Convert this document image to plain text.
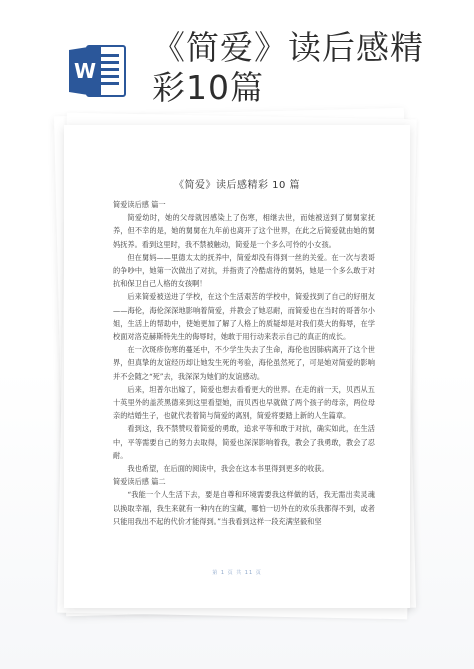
W
《简爱》读后感精
彩10篇
《简爱》读后感精彩 10 篇

简爱读后感 篇一

简爱幼时，她的父母就因感染上了伤寒，相继去世，而她被送到了舅舅家抚养，但不幸的是，她的舅舅在九年前也离开了这个世界，在此之后简爱就由她的舅妈抚养。看到这里时，我不禁被触动，简爱是一个多么可怜的小女孩。

但在舅妈——里德太太的抚养中，简爱却没有得到一丝的关爱。在一次与表哥的争吵中，她第一次做出了对抗，并指责了冷酷虐待的舅妈，她是一个多么敢于对抗和保卫自己人格的女孩啊！

后来简爱被送进了学校，在这个生活艰苦的学校中，简爱找到了自己的好朋友——海伦，海伦深深地影响着简爱，并教会了她忍耐，而简爱也在当时的哥普尔小姐，生活上的帮助中，使她更加了解了人格上的质疑却是对我们莫大的侮辱，在学校面对洛克赫斯特先生的侮辱时，她敢于用行动来表示自己的真正的成长。

在一次斑疹伤寒的蔓延中，不少学生失去了生命，海伦也因肺病离开了这个世界，但真挚的友谊经历却让她发生死的考验，海伦虽然死了，可是她对简爱的影响并不会随之“死”去，我深深为她们的友谊感动。

后来，坦普尔出嫁了，简爱也想去看看更大的世界。在走的前一天，贝西从五十英里外的盖茨黑德来到这里看望她，而贝西也早就做了两个孩子的母亲，两位母亲的结婚生子，也就代表着简与简爱的离别，简爱将要踏上新的人生篇章。

看到这，我不禁赞叹着简爱的勇敢，追求平等和敢于对抗，确实如此，在生活中，平等需要自己的努力去取得，简爱也深深影响着我，教会了我勇敢，教会了忍耐。

我也希望，在后面的阅读中，我会在这本书里得到更多的收获。

简爱读后感 篇二

“我能一个人生活下去，要是自尊和环境需要我这样做的话，我无需出卖灵魂以换取幸福，我生来就有一种内在的宝藏，哪怕一切外在的欢乐我都得不到，或者只能用我出不起的代价才能得到。”当我看到这样一段充满坚毅和坚

第 1 页 共 11 页
